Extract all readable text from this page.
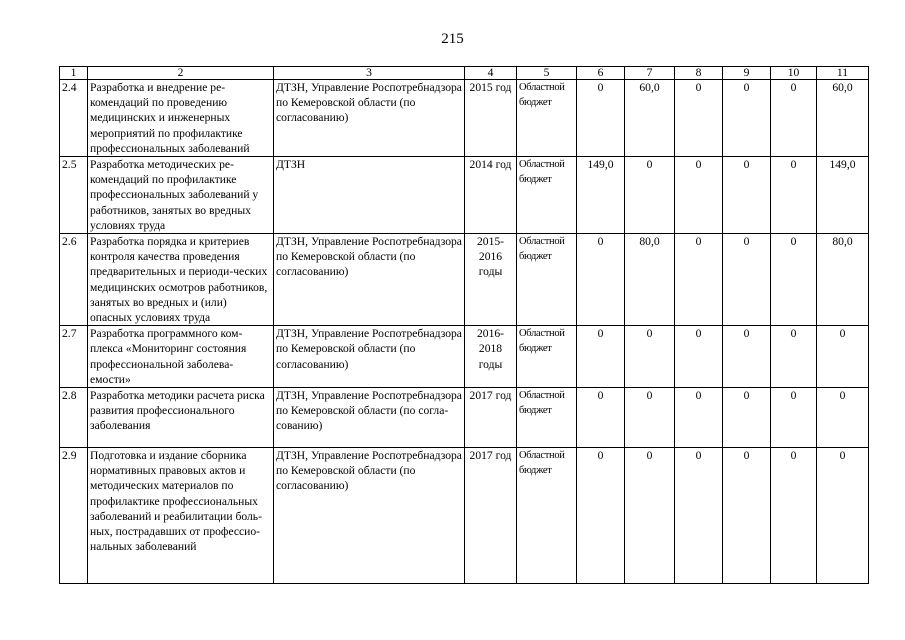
215
1	2	3	4	5	6	7	8	9	10	11
2.4	Разработка и внедрение ре-комендаций по проведению медицинских и инженерных мероприятий по профилактике профессиональных заболеваний	ДТЗН, Управление Роспотребнадзора по Кемеровской области (по согласованию)	2015 год	Областной бюджет	0	60,0	0	0	0	60,0
2.5	Разработка методических ре-комендаций по профилактике профессиональных заболеваний у работников, занятых во вредных условиях труда	ДТЗН	2014 год	Областной бюджет	149,0	0	0	0	0	149,0
2.6	Разработка порядка и критериев контроля качества проведения предварительных и периоди-ческих медицинских осмотров работников, занятых во вредных и (или) опасных условиях труда	ДТЗН, Управление Роспотребнадзора по Кемеровской области (по согласованию)	2015-2016 годы	Областной бюджет	0	80,0	0	0	0	80,0
2.7	Разработка программного ком-плекса «Мониторинг состояния профессиональной заболева-емости»	ДТЗН, Управление Роспотребнадзора по Кемеровской области (по согласованию)	2016-2018 годы	Областной бюджет	0	0	0	0	0	0
2.8	Разработка методики расчета риска развития профессионального заболевания	ДТЗН, Управление Роспотребнадзора по Кемеровской области (по согла-сованию)	2017 год	Областной бюджет	0	0	0	0	0	0
2.9	Подготовка и издание сборника нормативных правовых актов и методических материалов по профилактике профессиональных заболеваний и реабилитации боль-ных, пострадавших от профессио-нальных заболеваний	ДТЗН, Управление Роспотребнадзора по Кемеровской области (по согласованию)	2017 год	Областной бюджет	0	0	0	0	0	0
